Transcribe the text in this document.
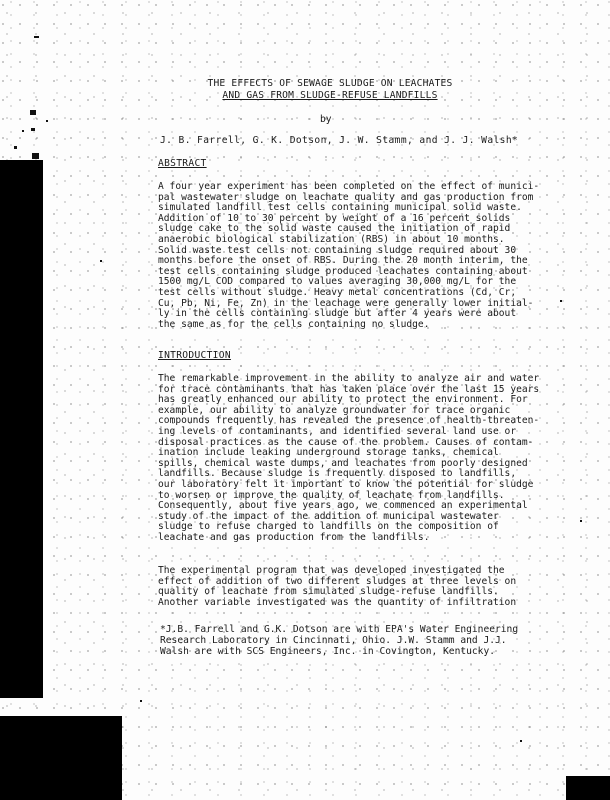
THE EFFECTS OF SEWAGE SLUDGE ON LEACHATES
AND GAS FROM SLUDGE-REFUSE LANDFILLS
by
J. B. Farrell, G. K. Dotson, J. W. Stamm, and J. J. Walsh*
ABSTRACT
A four year experiment has been completed on the effect of munici-
pal wastewater sludge on leachate quality and gas production from
simulated landfill test cells containing municipal solid waste.
Addition of 10 to 30 percent by weight of a 16 percent solids
sludge cake to the solid waste caused the initiation of rapid
anaerobic biological stabilization (RBS) in about 10 months.
Solid waste test cells not containing sludge required about 30
months before the onset of RBS. During the 20 month interim, the
test cells containing sludge produced leachates containing about
1500 mg/L COD compared to values averaging 30,000 mg/L for the
test cells without sludge. Heavy metal concentrations (Cd, Cr,
Cu, Pb, Ni, Fe, Zn) in the leachage were generally lower initial-
ly in the cells containing sludge but after 4 years were about
the same as for the cells containing no sludge.
INTRODUCTION
The remarkable improvement in the ability to analyze air and water
for trace contaminants that has taken place over the last 15 years
has greatly enhanced our ability to protect the environment. For
example, our ability to analyze groundwater for trace organic
compounds frequently has revealed the presence of health-threaten-
ing levels of contaminants, and identified several land use or
disposal practices as the cause of the problem. Causes of contam-
ination include leaking underground storage tanks, chemical
spills, chemical waste dumps, and leachates from poorly designed
landfills. Because sludge is frequently disposed to landfills,
our laboratory felt it important to know the potential for sludge
to worsen or improve the quality of leachate from landfills.
Consequently, about five years ago, we commenced an experimental
study of the impact of the addition of municipal wastewater
sludge to refuse charged to landfills on the composition of
leachate and gas production from the landfills.
The experimental program that was developed investigated the
effect of addition of two different sludges at three levels on
quality of leachate from simulated sludge-refuse landfills.
Another variable investigated was the quantity of infiltration
*J.B. Farrell and G.K. Dotson are with EPA's Water Engineering
Research Laboratory in Cincinnati, Ohio. J.W. Stamm and J.J.
Walsh are with SCS Engineers, Inc. in Covington, Kentucky.
